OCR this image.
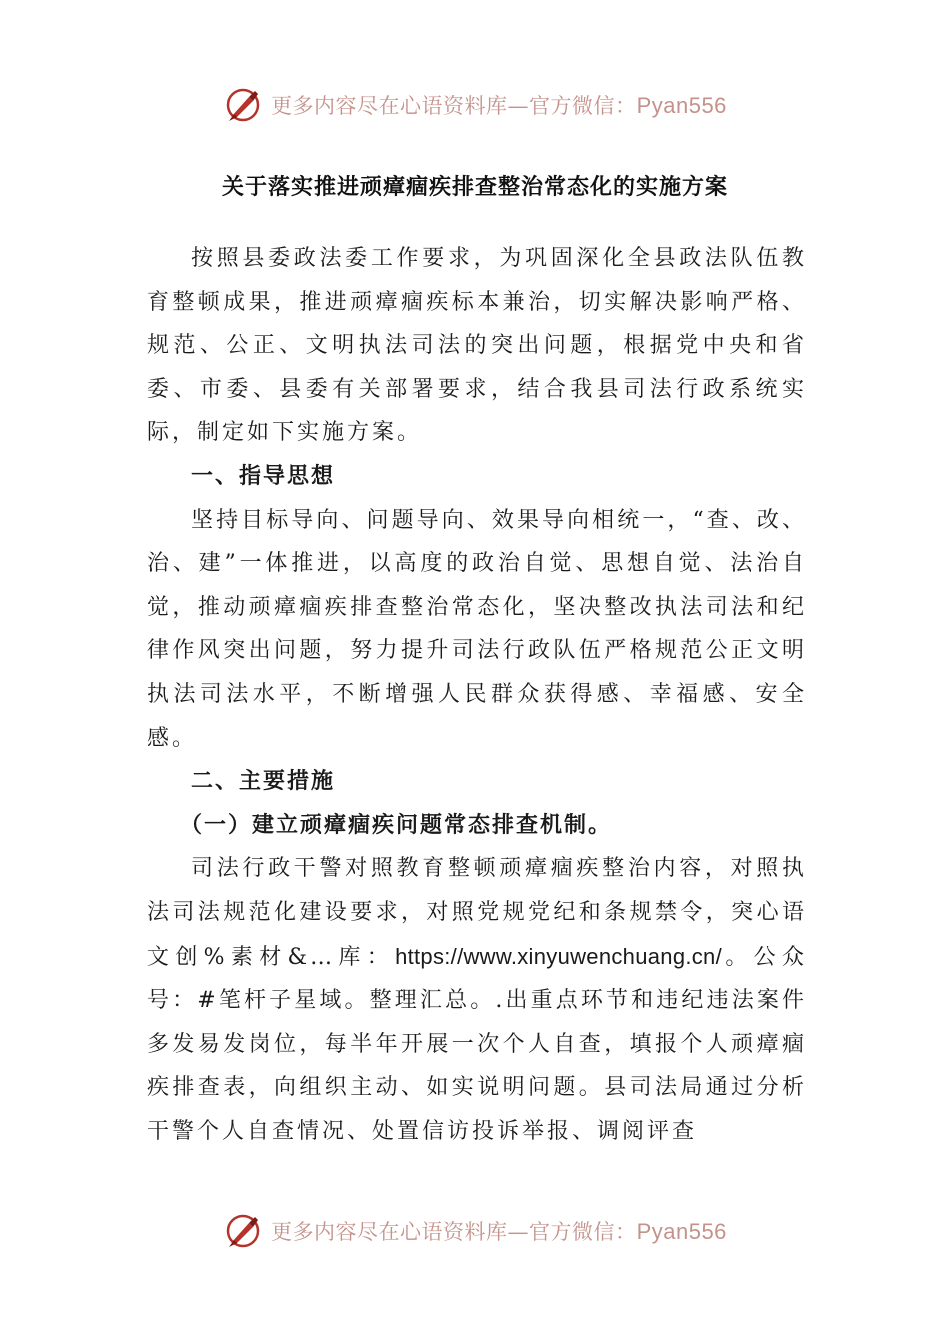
更多内容尽在心语资料库—官方微信：Pyan556
关于落实推进顽瘴痼疾排查整治常态化的实施方案

按照县委政法委工作要求，为巩固深化全县政法队伍教育整顿成果，推进顽瘴痼疾标本兼治，切实解决影响严格、规范、公正、文明执法司法的突出问题，根据党中央和省委、市委、县委有关部署要求，结合我县司法行政系统实际，制定如下实施方案。

一、指导思想

坚持目标导向、问题导向、效果导向相统一，“查、改、治、建”一体推进，以高度的政治自觉、思想自觉、法治自觉，推动顽瘴痼疾排查整治常态化，坚决整改执法司法和纪律作风突出问题，努力提升司法行政队伍严格规范公正文明执法司法水平，不断增强人民群众获得感、幸福感、安全感。

二、主要措施

（一）建立顽瘴痼疾问题常态排查机制。

司法行政干警对照教育整顿顽瘴痼疾整治内容，对照执法司法规范化建设要求，对照党规党纪和条规禁令，突心语文创%素材&…库：https://www.xinyuwenchuang.cn/。公众号：#笔杆子星域。整理汇总。.出重点环节和违纪违法案件多发易发岗位，每半年开展一次个人自查，填报个人顽瘴痼疾排查表，向组织主动、如实说明问题。县司法局通过分析干警个人自查情况、处置信访投诉举报、调阅评查

更多内容尽在心语资料库—官方微信：Pyan556
